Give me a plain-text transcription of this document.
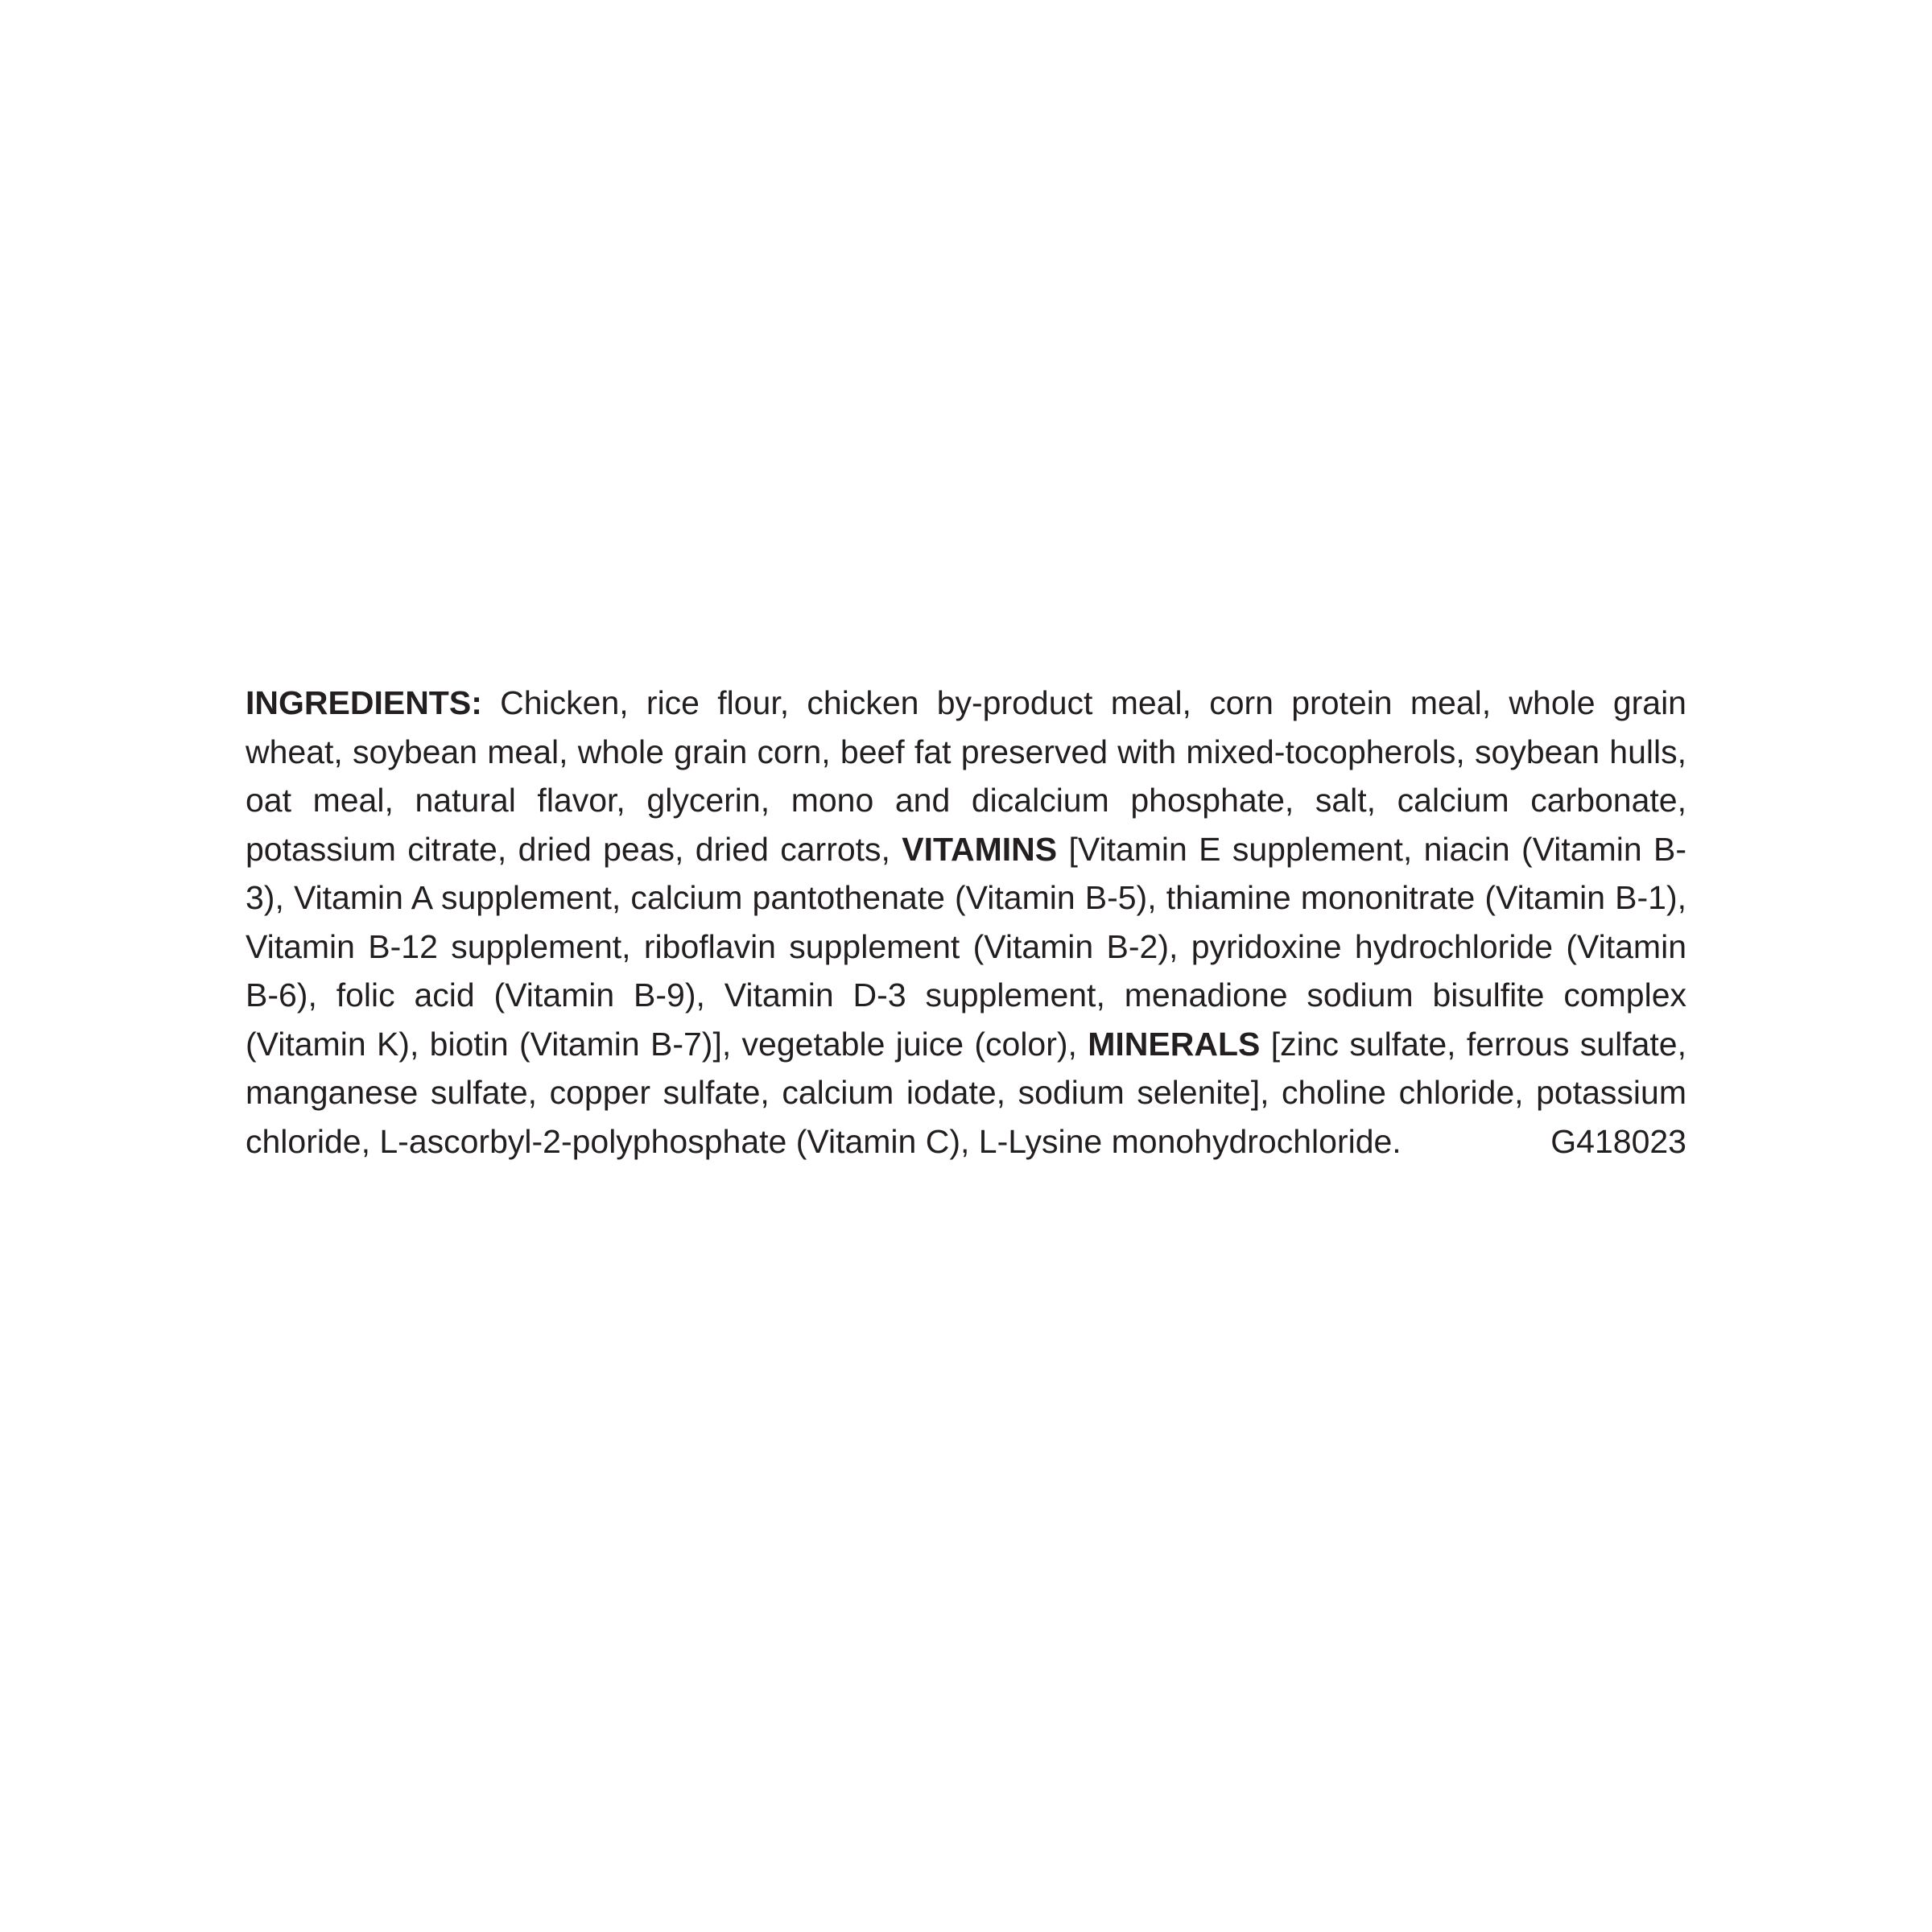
INGREDIENTS: Chicken, rice flour, chicken by-product meal, corn protein meal, whole grain wheat, soybean meal, whole grain corn, beef fat preserved with mixed-tocopherols, soybean hulls, oat meal, natural flavor, glycerin, mono and dicalcium phosphate, salt, calcium carbonate, potassium citrate, dried peas, dried carrots, VITAMINS [Vitamin E supplement, niacin (Vitamin B-3), Vitamin A supplement, calcium pantothenate (Vitamin B-5), thiamine mononitrate (Vitamin B-1), Vitamin B-12 supplement, riboflavin supplement (Vitamin B-2), pyridoxine hydrochloride (Vitamin B-6), folic acid (Vitamin B-9), Vitamin D-3 supplement, menadione sodium bisulfite complex (Vitamin K), biotin (Vitamin B-7)], vegetable juice (color), MINERALS [zinc sulfate, ferrous sulfate, manganese sulfate, copper sulfate, calcium iodate, sodium selenite], choline chloride, potassium chloride, L-ascorbyl-2-polyphosphate (Vitamin C), L-Lysine monohydrochloride.	G418023
